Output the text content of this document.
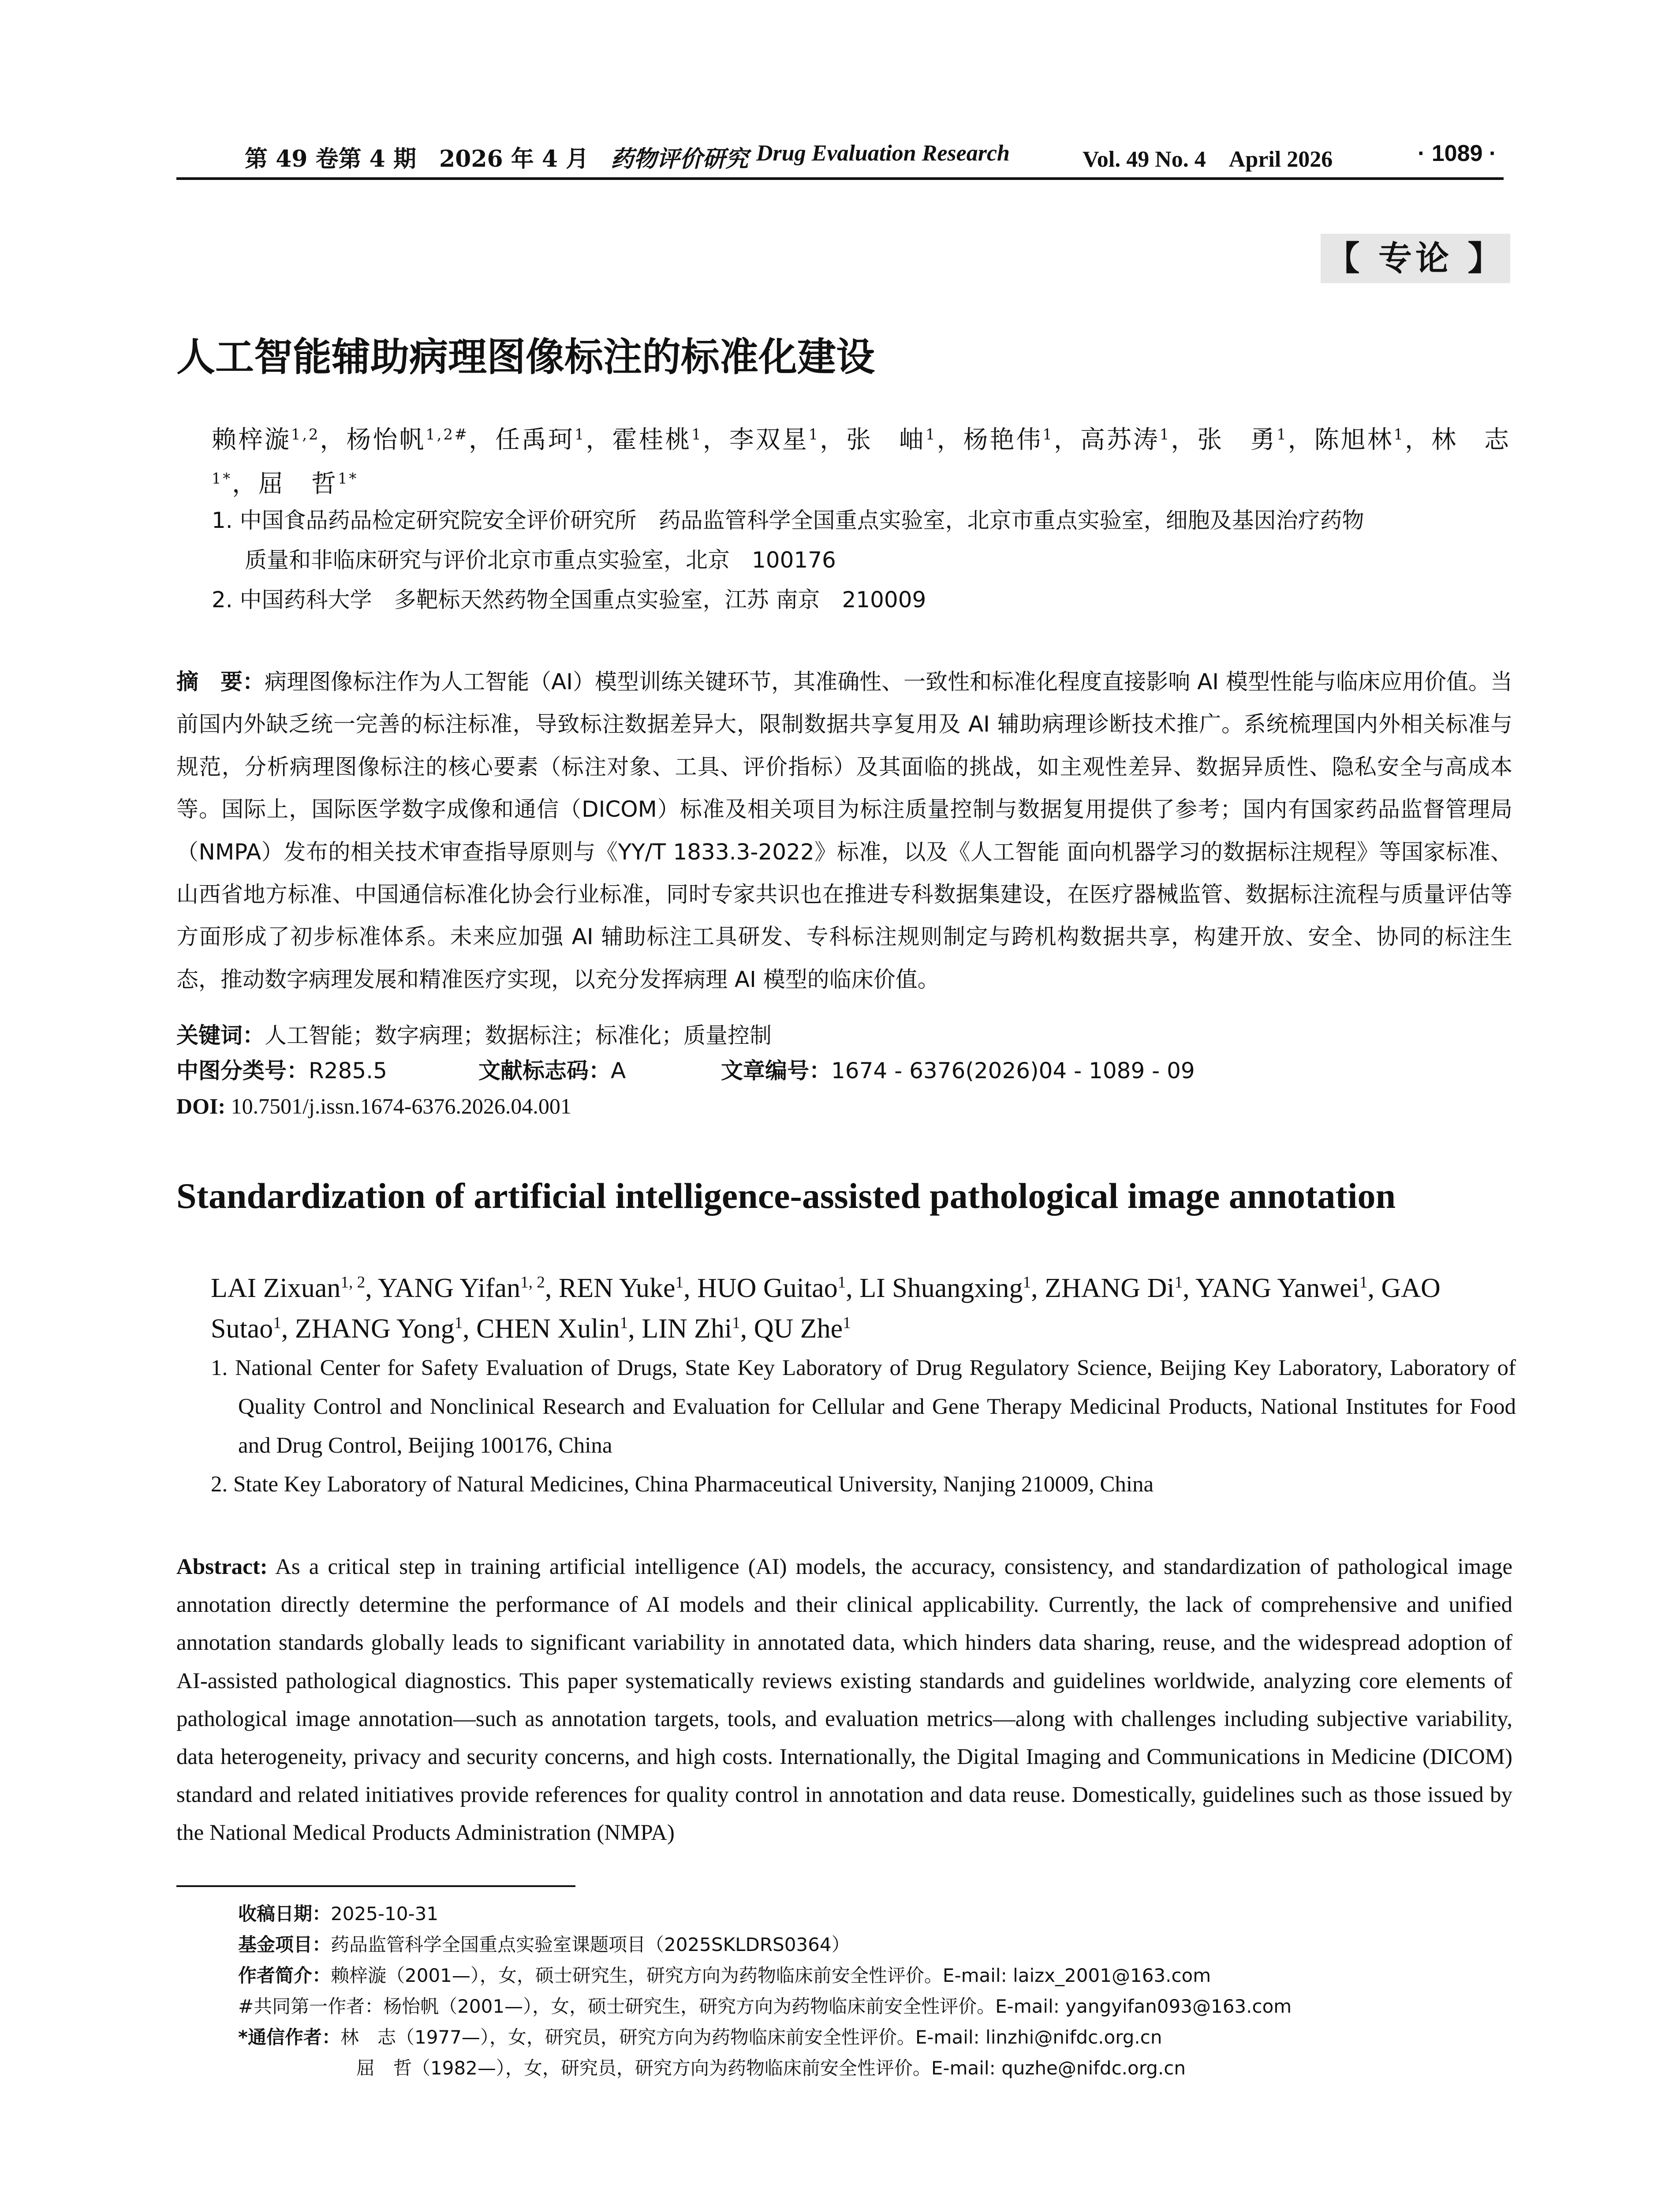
第 49 卷第 4 期　2026 年 4 月 药物评价研究 Drug Evaluation Research	Vol. 49 No. 4　April 2026	· 1089 ·
【 专论 】
人工智能辅助病理图像标注的标准化建设
赖梓漩$^{1,2}$，杨怡帆$^{1,2\#}$，任禹珂$^1$，霍桂桃$^1$，李双星$^1$，张　岫$^1$，杨艳伟$^1$，高苏涛$^1$，张　勇$^1$，陈旭林$^1$，林　志$^{1*}$，屈　哲$^{1*}$
1. 中国食品药品检定研究院安全评价研究所　药品监管科学全国重点实验室，北京市重点实验室，细胞及基因治疗药物
质量和非临床研究与评价北京市重点实验室，北京　100176
2. 中国药科大学　多靶标天然药物全国重点实验室，江苏 南京　210009
摘　要：病理图像标注作为人工智能（AI）模型训练关键环节，其准确性、一致性和标准化程度直接影响 AI 模型性能与临床应用价值。当前国内外缺乏统一完善的标注标准，导致标注数据差异大，限制数据共享复用及 AI 辅助病理诊断技术推广。系统梳理国内外相关标准与规范，分析病理图像标注的核心要素（标注对象、工具、评价指标）及其面临的挑战，如主观性差异、数据异质性、隐私安全与高成本等。国际上，国际医学数字成像和通信（DICOM）标准及相关项目为标注质量控制与数据复用提供了参考；国内有国家药品监督管理局（NMPA）发布的相关技术审查指导原则与《YY/T 1833.3-2022》标准，以及《人工智能 面向机器学习的数据标注规程》等国家标准、山西省地方标准、中国通信标准化协会行业标准，同时专家共识也在推进专科数据集建设，在医疗器械监管、数据标注流程与质量评估等方面形成了初步标准体系。未来应加强 AI 辅助标注工具研发、专科标注规则制定与跨机构数据共享，构建开放、安全、协同的标注生态，推动数字病理发展和精准医疗实现，以充分发挥病理 AI 模型的临床价值。
关键词：人工智能；数字病理；数据标注；标准化；质量控制
中图分类号：R285.5	文献标志码：A	文章编号：1674 - 6376(2026)04 - 1089 - 09
DOI: 10.7501/j.issn.1674-6376.2026.04.001
Standardization of artificial intelligence-assisted pathological image annotation
LAI Zixuan$^{1, 2}$, YANG Yifan$^{1, 2}$, REN Yuke$^1$, HUO Guitao$^1$, LI Shuangxing$^1$, ZHANG Di$^1$, YANG Yanwei$^1$, GAO Sutao$^1$, ZHANG Yong$^1$, CHEN Xulin$^1$, LIN Zhi$^1$, QU Zhe$^1$
1. National Center for Safety Evaluation of Drugs, State Key Laboratory of Drug Regulatory Science, Beijing Key Laboratory, Laboratory of Quality Control and Nonclinical Research and Evaluation for Cellular and Gene Therapy Medicinal Products, National Institutes for Food and Drug Control, Beijing 100176, China
2. State Key Laboratory of Natural Medicines, China Pharmaceutical University, Nanjing 210009, China
Abstract: As a critical step in training artificial intelligence (AI) models, the accuracy, consistency, and standardization of pathological image annotation directly determine the performance of AI models and their clinical applicability. Currently, the lack of comprehensive and unified annotation standards globally leads to significant variability in annotated data, which hinders data sharing, reuse, and the widespread adoption of AI-assisted pathological diagnostics. This paper systematically reviews existing standards and guidelines worldwide, analyzing core elements of pathological image annotation—such as annotation targets, tools, and evaluation metrics—along with challenges including subjective variability, data heterogeneity, privacy and security concerns, and high costs. Internationally, the Digital Imaging and Communications in Medicine (DICOM) standard and related initiatives provide references for quality control in annotation and data reuse. Domestically, guidelines such as those issued by the National Medical Products Administration (NMPA)
收稿日期：2025-10-31
基金项目：药品监管科学全国重点实验室课题项目（2025SKLDRS0364）
作者简介：赖梓漩（2001—），女，硕士研究生，研究方向为药物临床前安全性评价。E-mail: laizx_2001@163.com
#共同第一作者：杨怡帆（2001—），女，硕士研究生，研究方向为药物临床前安全性评价。E-mail: yangyifan093@163.com
*通信作者：林　志（1977—），女，研究员，研究方向为药物临床前安全性评价。E-mail: linzhi@nifdc.org.cn
屈　哲（1982—），女，研究员，研究方向为药物临床前安全性评价。E-mail: quzhe@nifdc.org.cn
